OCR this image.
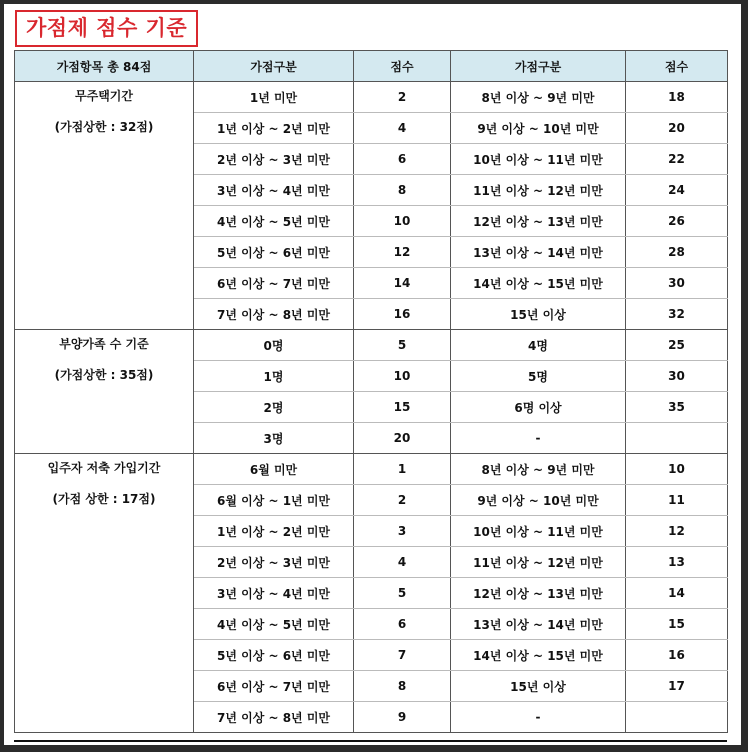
가점제 점수 기준
가점항목 총 84점	가점구분	점수	가점구분	점수

무주택기간
(가점상한 : 32점)	1년 미만	2	8년 이상 ~ 9년 미만	18
	1년 이상 ~ 2년 미만	4	9년 이상 ~ 10년 미만	20
	2년 이상 ~ 3년 미만	6	10년 이상 ~ 11년 미만	22
	3년 이상 ~ 4년 미만	8	11년 이상 ~ 12년 미만	24
	4년 이상 ~ 5년 미만	10	12년 이상 ~ 13년 미만	26
	5년 이상 ~ 6년 미만	12	13년 이상 ~ 14년 미만	28
	6년 이상 ~ 7년 미만	14	14년 이상 ~ 15년 미만	30
	7년 이상 ~ 8년 미만	16	15년 이상	32

부양가족 수 기준
(가점상한 : 35점)	0명	5	4명	25
	1명	10	5명	30
	2명	15	6명 이상	35
	3명	20	-	

입주자 저축 가입기간
(가점 상한 : 17점)	6월 미만	1	8년 이상 ~ 9년 미만	10
	6월 이상 ~ 1년 미만	2	9년 이상 ~ 10년 미만	11
	1년 이상 ~ 2년 미만	3	10년 이상 ~ 11년 미만	12
	2년 이상 ~ 3년 미만	4	11년 이상 ~ 12년 미만	13
	3년 이상 ~ 4년 미만	5	12년 이상 ~ 13년 미만	14
	4년 이상 ~ 5년 미만	6	13년 이상 ~ 14년 미만	15
	5년 이상 ~ 6년 미만	7	14년 이상 ~ 15년 미만	16
	6년 이상 ~ 7년 미만	8	15년 이상	17
	7년 이상 ~ 8년 미만	9	-	
